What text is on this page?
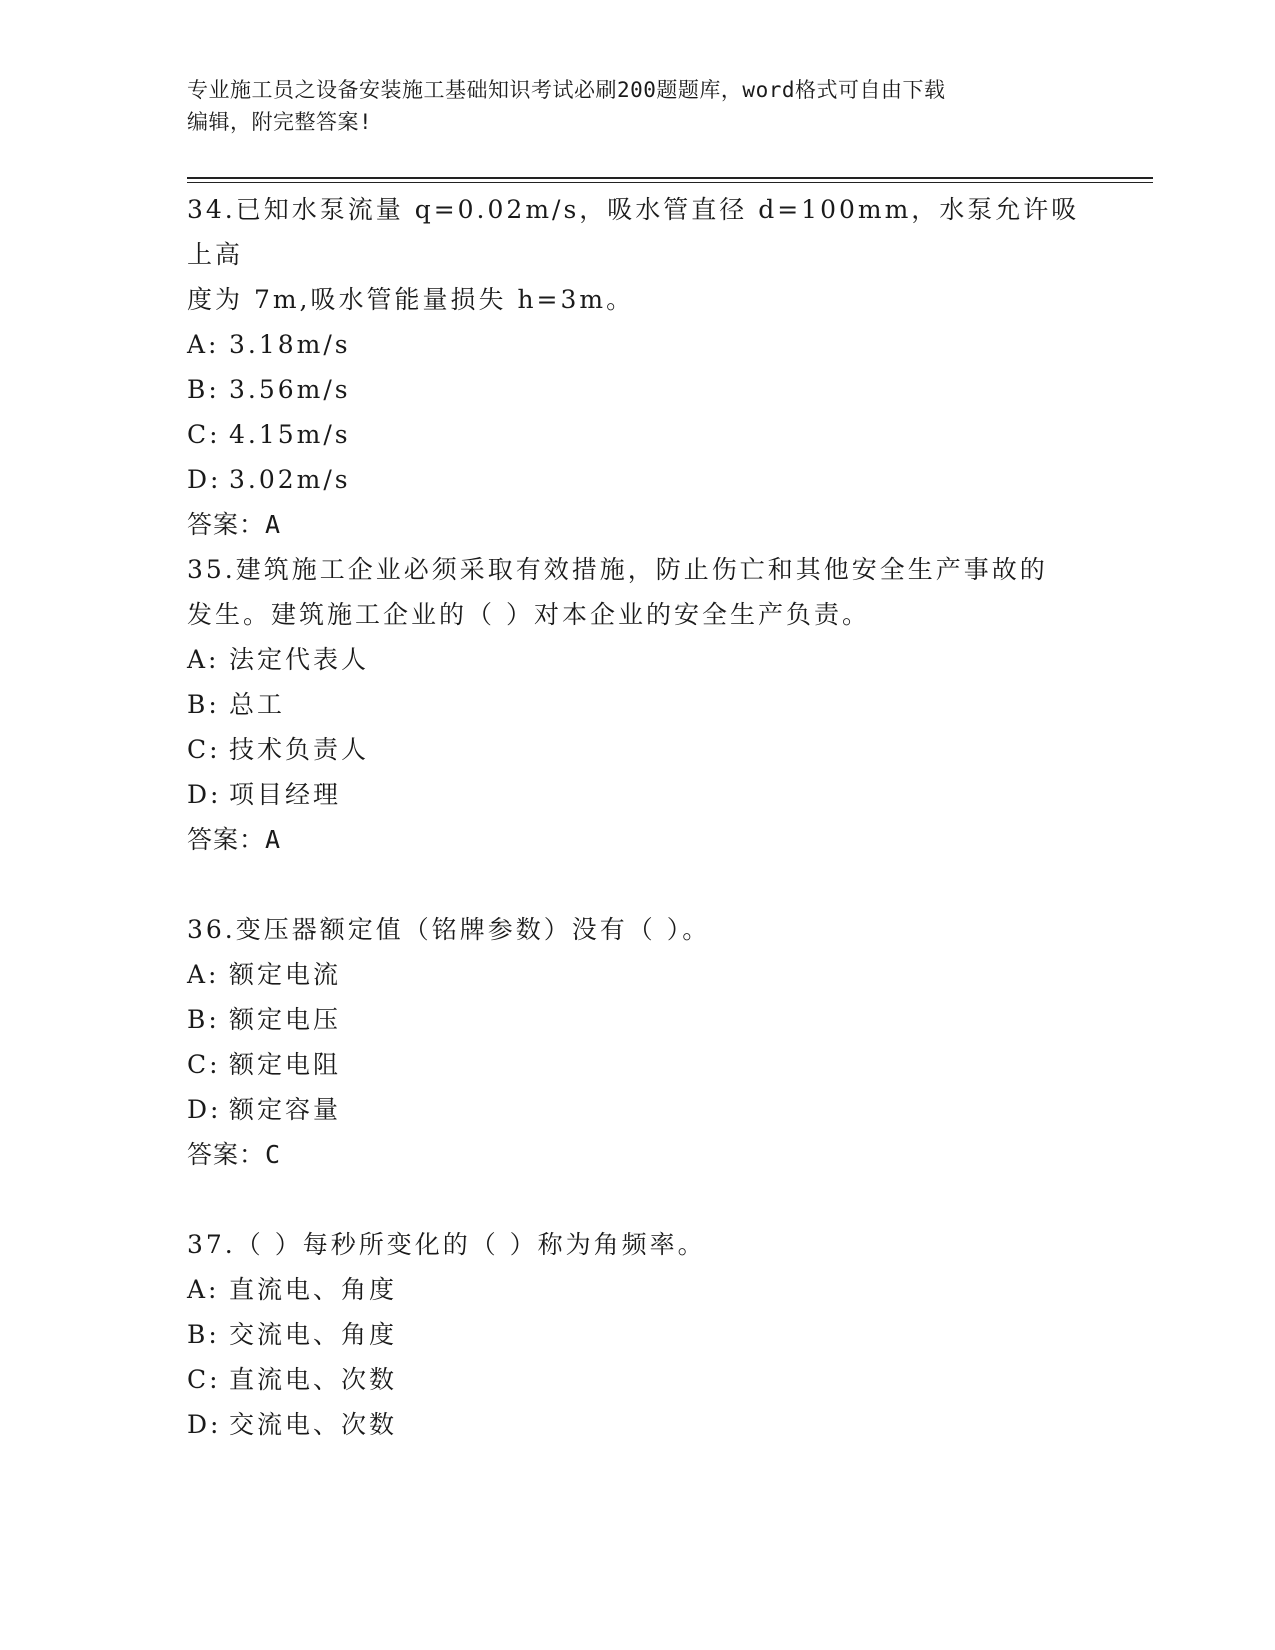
专业施工员之设备安装施工基础知识考试必刷200题题库，word格式可自由下载
编辑，附完整答案!
34.已知水泵流量 q=0.02m/s，吸水管直径 d=100mm，水泵允许吸上高
度为 7m,吸水管能量损失 h=3m。
A: 3.18m/s
B: 3.56m/s
C: 4.15m/s
D: 3.02m/s
答案：A
35.建筑施工企业必须采取有效措施，防止伤亡和其他安全生产事故的
发生。建筑施工企业的（ ）对本企业的安全生产负责。
A: 法定代表人
B: 总工
C: 技术负责人
D: 项目经理
答案：A
36.变压器额定值（铭牌参数）没有（ ）。
A: 额定电流
B: 额定电压
C: 额定电阻
D: 额定容量
答案：C
37.（ ）每秒所变化的（ ）称为角频率。
A: 直流电、角度
B: 交流电、角度
C: 直流电、次数
D: 交流电、次数
